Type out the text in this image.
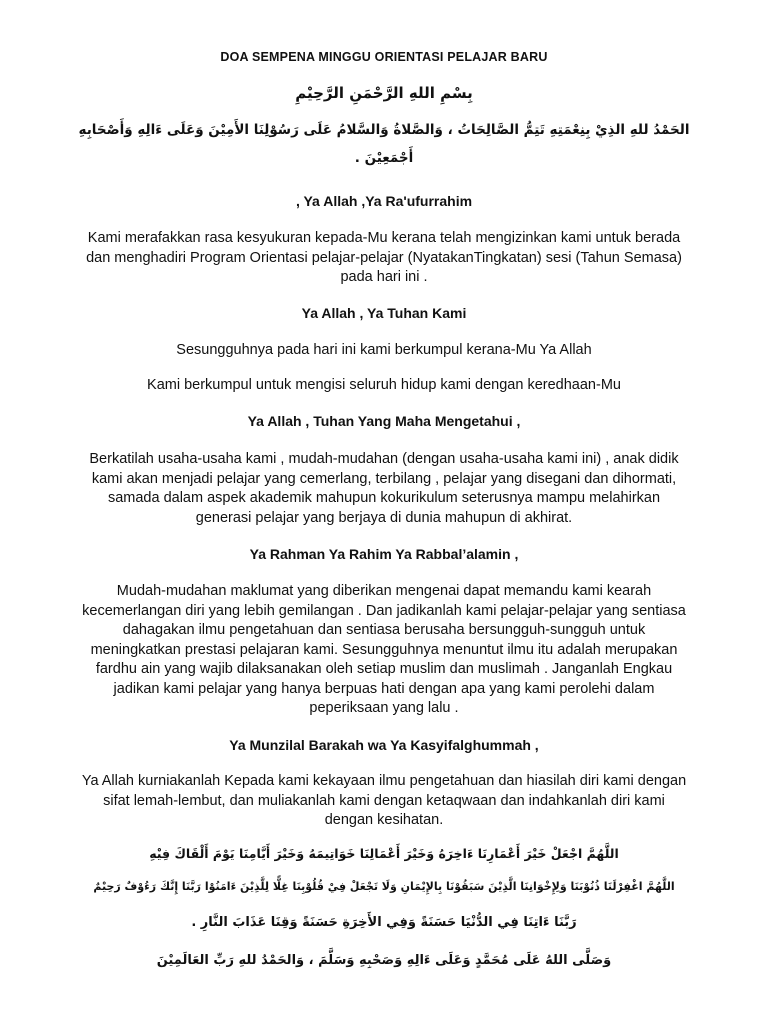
DOA SEMPENA MINGGU ORIENTASI PELAJAR BARU
بِسْمِ اللهِ الرَّحْمَنِ الرَّحِيْمِ
الحَمْدُ للهِ الذِيْ بِنِعْمَتِهِ تَتِمُّ الصَّالِحَاتُ ، وَالصَّلاةُ وَالسَّلامُ عَلَى رَسُوْلِنَا الأَمِيْنَ وَعَلَى ءَالِهِ وَأَصْحَابِهِ أَجْمَعِيْنَ .
, Ya Allah ,Ya Ra'ufurrahim
Kami merafakkan rasa kesyukuran kepada-Mu kerana telah mengizinkan kami untuk berada dan menghadiri Program Orientasi pelajar-pelajar (NyatakanTingkatan) sesi (Tahun Semasa) pada hari ini .
Ya Allah , Ya Tuhan Kami
Sesungguhnya pada hari ini kami berkumpul kerana-Mu Ya Allah
Kami berkumpul untuk mengisi seluruh hidup kami dengan keredhaan-Mu
Ya Allah , Tuhan Yang Maha Mengetahui ,
Berkatilah usaha-usaha kami , mudah-mudahan (dengan usaha-usaha kami ini) , anak didik kami akan menjadi pelajar yang cemerlang, terbilang , pelajar yang disegani dan dihormati, samada dalam aspek akademik mahupun kokurikulum seterusnya mampu melahirkan generasi pelajar yang berjaya di dunia mahupun di akhirat.
Ya Rahman Ya Rahim Ya Rabbal’alamin ,
Mudah-mudahan maklumat yang diberikan mengenai dapat memandu kami kearah kecemerlangan diri yang lebih gemilangan . Dan jadikanlah kami pelajar-pelajar yang sentiasa dahagakan ilmu pengetahuan dan sentiasa berusaha bersungguh-sungguh untuk meningkatkan prestasi pelajaran kami. Sesungguhnya menuntut ilmu itu adalah merupakan fardhu ain yang wajib dilaksanakan oleh setiap muslim dan muslimah . Janganlah Engkau jadikan kami pelajar yang hanya berpuas hati dengan apa yang kami perolehi dalam peperiksaan yang lalu .
Ya Munzilal Barakah wa Ya Kasyifalghummah ,
Ya Allah kurniakanlah Kepada kami kekayaan ilmu pengetahuan dan hiasilah diri kami dengan sifat lemah-lembut, dan muliakanlah kami dengan ketaqwaan dan indahkanlah diri kami dengan kesihatan.
اللَّهُمَّ اجْعَلْ خَيْرَ أَعْمَارِنَا ءَاخِرَهُ وَخَيْرَ أَعْمَالِنَا خَوَاتِيمَهُ وَخَيْرَ أَيَّامِنَا يَوْمَ أَلْقَاكَ فِيْهِ
اللَّهُمَّ اغْفِرْلَنَا ذُنُوْبَنَا وَلِإِخْوَانِنَا الَّذِيْنَ سَبَقُوْنَا بِالإِيْمَانِ وَلَا تَجْعَلْ فِيْ قُلُوْبِنَا غِلًّا لِلَّذِيْنَ ءَامَنُوْا رَبَّنَا إِنَّكَ رَءُوْفٌ رَحِيْمٌ
رَبَّنَا ءَاتِنَا فِي الدُّنْيَا حَسَنَةً وَفِي الأَخِرَةِ حَسَنَةً وَقِنَا عَذَابَ النَّارِ .
وَصَلَّى اللهُ عَلَى مُحَمَّدٍ وَعَلَى ءَالِهِ وَصَحْبِهِ وَسَلَّمَ ، وَالحَمْدُ للهِ رَبِّ العَالَمِيْنَ
